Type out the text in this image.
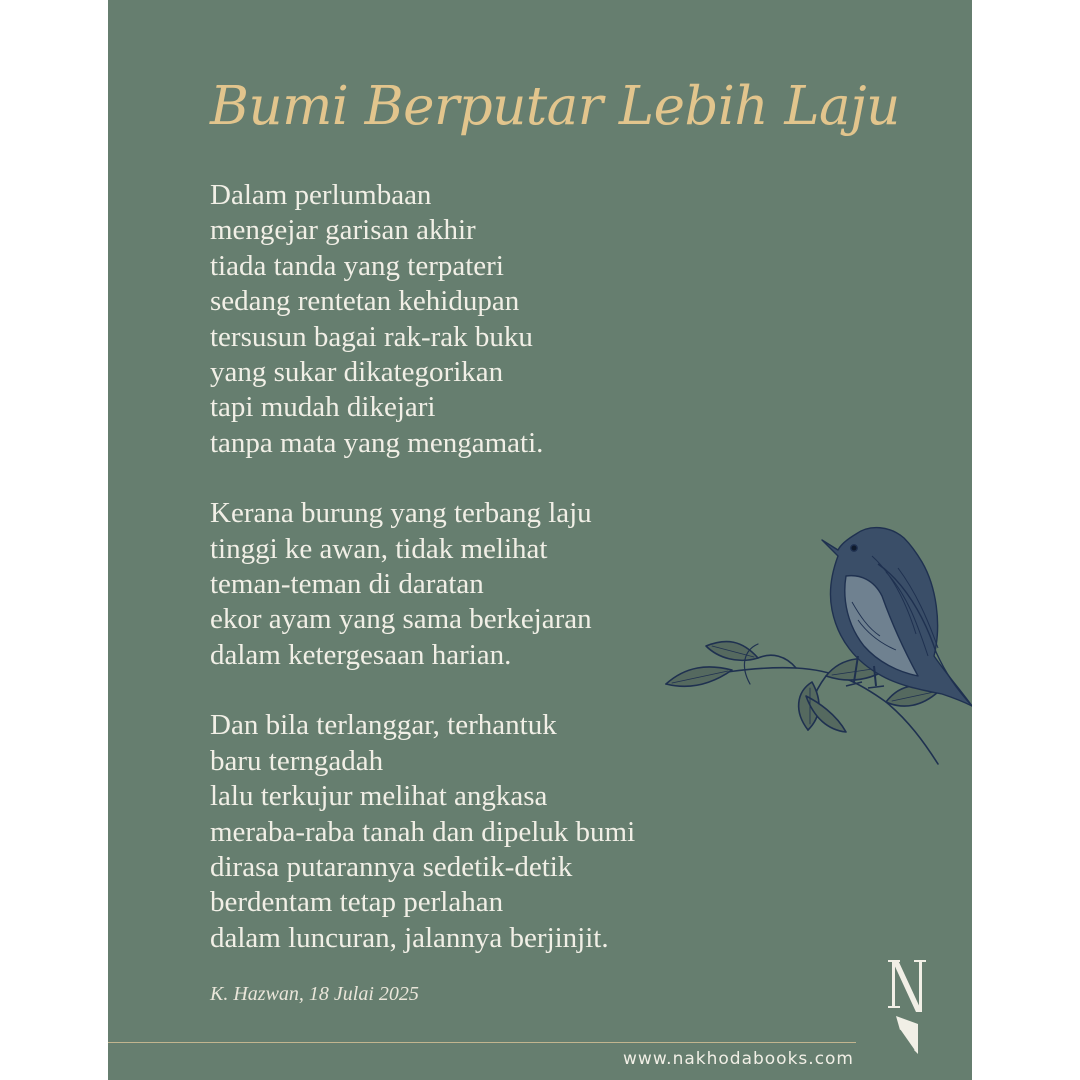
Bumi Berputar Lebih Laju

Dalam perlumbaan
mengejar garisan akhir
tiada tanda yang terpateri
sedang rentetan kehidupan
tersusun bagai rak-rak buku
yang sukar dikategorikan
tapi mudah dikejari
tanpa mata yang mengamati.

Kerana burung yang terbang laju
tinggi ke awan, tidak melihat
teman-teman di daratan
ekor ayam yang sama berkejaran
dalam ketergesaan harian.

Dan bila terlanggar, terhantuk
baru terngadah
lalu terkujur melihat angkasa
meraba-raba tanah dan dipeluk bumi
dirasa putarannya sedetik-detik
berdentam tetap perlahan
dalam luncuran, jalannya berjinjit.

K. Hazwan, 18 Julai 2025
www.nakhodabooks.com
